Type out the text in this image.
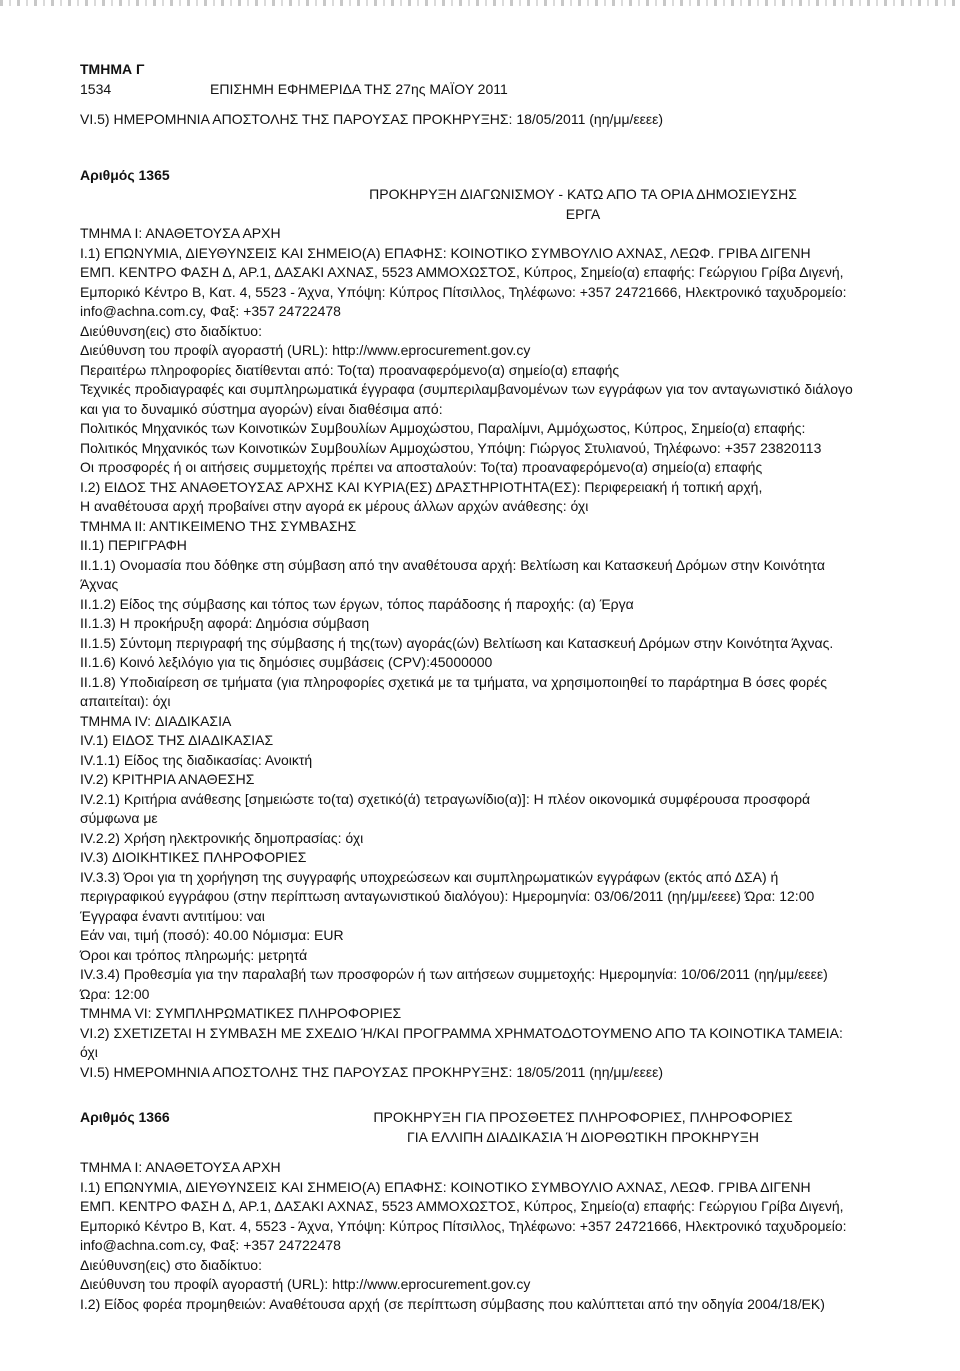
ΤΜΗΜΑ Γ
1534	ΕΠΙΣΗΜΗ ΕΦΗΜΕΡΙΔΑ ΤΗΣ 27ης ΜΑΪΟΥ 2011
VI.5) ΗΜΕΡΟΜΗΝΙΑ ΑΠΟΣΤΟΛΗΣ ΤΗΣ ΠΑΡΟΥΣΑΣ ΠΡΟΚΗΡΥΞΗΣ: 18/05/2011 (ηη/μμ/εεεε)
Αριθμός 1365
ΠΡΟΚΗΡΥΞΗ ΔΙΑΓΩΝΙΣΜΟΥ - ΚΑΤΩ ΑΠΟ ΤΑ ΟΡΙΑ ΔΗΜΟΣΙΕΥΣΗΣ
ΕΡΓΑ
ΤΜΗΜΑ Ι: ΑΝΑΘΕΤΟΥΣΑ ΑΡΧΗ
I.1) ΕΠΩΝΥΜΙΑ, ΔΙΕΥΘΥΝΣΕΙΣ ΚΑΙ ΣΗΜΕΙΟ(Α) ΕΠΑΦΗΣ: ΚΟΙΝΟΤΙΚΟ ΣΥΜΒΟΥΛΙΟ ΑΧΝΑΣ, ΛΕΩΦ. ΓΡΙΒΑ ΔΙΓΕΝΗ
ΕΜΠ. ΚΕΝΤΡΟ ΦΑΣΗ Δ, ΑΡ.1, ΔΑΣΑΚΙ ΑΧΝΑΣ, 5523 ΑΜΜΟΧΩΣΤΟΣ, Κύπρος, Σημείο(α) επαφής: Γεώργιου Γρίβα Διγενή,
Εμπορικό Κέντρο Β, Κατ. 4, 5523 - Άχνα, Υπόψη: Κύπρος Πίτσιλλος, Τηλέφωνο: +357 24721666, Ηλεκτρονικό ταχυδρομείο:
info@achna.com.cy, Φαξ: +357 24722478
Διεύθυνση(εις) στο διαδίκτυο:
Διεύθυνση του προφίλ αγοραστή (URL): http://www.eprocurement.gov.cy
Περαιτέρω πληροφορίες διατίθενται από: Το(τα) προαναφερόμενο(α) σημείο(α) επαφής
Τεχνικές προδιαγραφές και συμπληρωματικά έγγραφα (συμπεριλαμβανομένων των εγγράφων για τον ανταγωνιστικό διάλογο
και για το δυναμικό σύστημα αγορών) είναι διαθέσιμα από:
Πολιτικός Μηχανικός των Κοινοτικών Συμβουλίων Αμμοχώστου, Παραλίμνι, Αμμόχωστος, Κύπρος, Σημείο(α) επαφής:
Πολιτικός Μηχανικός των Κοινοτικών Συμβουλίων Αμμοχώστου, Υπόψη: Γιώργος Στυλιανού, Τηλέφωνο: +357 23820113
Οι προσφορές ή οι αιτήσεις συμμετοχής πρέπει να αποσταλούν: Το(τα) προαναφερόμενο(α) σημείο(α) επαφής
I.2) ΕΙΔΟΣ ΤΗΣ ΑΝΑΘΕΤΟΥΣΑΣ ΑΡΧΗΣ ΚΑΙ ΚΥΡΙΑ(ΕΣ) ΔΡΑΣΤΗΡΙΟΤΗΤΑ(ΕΣ): Περιφερειακή ή τοπική αρχή,
Η αναθέτουσα αρχή προβαίνει στην αγορά εκ μέρους άλλων αρχών ανάθεσης: όχι
ΤΜΗΜΑ ΙΙ: ΑΝΤΙΚΕΙΜΕΝΟ ΤΗΣ ΣΥΜΒΑΣΗΣ
II.1) ΠΕΡΙΓΡΑΦΗ
II.1.1) Ονομασία που δόθηκε στη σύμβαση από την αναθέτουσα αρχή: Βελτίωση και Κατασκευή Δρόμων στην Κοινότητα
Άχνας
II.1.2) Είδος της σύμβασης και τόπος των έργων, τόπος παράδοσης ή παροχής: (α) Έργα
II.1.3) Η προκήρυξη αφορά: Δημόσια σύμβαση
II.1.5) Σύντομη περιγραφή της σύμβασης ή της(των) αγοράς(ών) Βελτίωση και Κατασκευή Δρόμων στην Κοινότητα Άχνας.
II.1.6) Κοινό λεξιλόγιο για τις δημόσιες συμβάσεις (CPV):45000000
II.1.8) Υποδιαίρεση σε τμήματα (για πληροφορίες σχετικά με τα τμήματα, να χρησιμοποιηθεί το παράρτημα Β όσες φορές
απαιτείται): όχι
ΤΜΗΜΑ IV: ΔΙΑΔΙΚΑΣΙΑ
IV.1) ΕΙΔΟΣ ΤΗΣ ΔΙΑΔΙΚΑΣΙΑΣ
IV.1.1) Είδος της διαδικασίας: Ανοικτή
IV.2) ΚΡΙΤΗΡΙΑ ΑΝΑΘΕΣΗΣ
IV.2.1) Κριτήρια ανάθεσης [σημειώστε το(τα) σχετικό(ά) τετραγωνίδιο(α)]: Η πλέον οικονομικά συμφέρουσα προσφορά
σύμφωνα με
IV.2.2) Χρήση ηλεκτρονικής δημοπρασίας: όχι
IV.3) ΔΙΟΙΚΗΤΙΚΕΣ ΠΛΗΡΟΦΟΡΙΕΣ
IV.3.3) Όροι για τη χορήγηση της συγγραφής υποχρεώσεων και συμπληρωματικών εγγράφων (εκτός από ΔΣΑ) ή
περιγραφικού εγγράφου (στην περίπτωση ανταγωνιστικού διαλόγου): Ημερομηνία: 03/06/2011 (ηη/μμ/εεεε) Ώρα: 12:00
Έγγραφα έναντι αντιτίμου: ναι
Εάν ναι, τιμή (ποσό): 40.00 Νόμισμα: EUR
Όροι και τρόπος πληρωμής: μετρητά
IV.3.4) Προθεσμία για την παραλαβή των προσφορών ή των αιτήσεων συμμετοχής: Ημερομηνία: 10/06/2011 (ηη/μμ/εεεε)
Ώρα: 12:00
ΤΜΗΜΑ VI: ΣΥΜΠΛΗΡΩΜΑΤΙΚΕΣ ΠΛΗΡΟΦΟΡΙΕΣ
VI.2) ΣΧΕΤΙΖΕΤΑΙ Η ΣΥΜΒΑΣΗ ΜΕ ΣΧΕΔΙΟ Ή/ΚΑΙ ΠΡΟΓΡΑΜΜΑ ΧΡΗΜΑΤΟΔΟΤΟΥΜΕΝΟ ΑΠΟ ΤΑ ΚΟΙΝΟΤΙΚΑ ΤΑΜΕΙΑ:
όχι
VI.5) ΗΜΕΡΟΜΗΝΙΑ ΑΠΟΣΤΟΛΗΣ ΤΗΣ ΠΑΡΟΥΣΑΣ ΠΡΟΚΗΡΥΞΗΣ: 18/05/2011 (ηη/μμ/εεεε)
Αριθμός 1366	ΠΡΟΚΗΡΥΞΗ ΓΙΑ ΠΡΟΣΘΕΤΕΣ ΠΛΗΡΟΦΟΡΙΕΣ, ΠΛΗΡΟΦΟΡΙΕΣ
ΓΙΑ ΕΛΛΙΠΗ ΔΙΑΔΙΚΑΣΙΑ Ή ΔΙΟΡΘΩΤΙΚΗ ΠΡΟΚΗΡΥΞΗ
ΤΜΗΜΑ Ι: ΑΝΑΘΕΤΟΥΣΑ ΑΡΧΗ
I.1) ΕΠΩΝΥΜΙΑ, ΔΙΕΥΘΥΝΣΕΙΣ ΚΑΙ ΣΗΜΕΙΟ(Α) ΕΠΑΦΗΣ: ΚΟΙΝΟΤΙΚΟ ΣΥΜΒΟΥΛΙΟ ΑΧΝΑΣ, ΛΕΩΦ. ΓΡΙΒΑ ΔΙΓΕΝΗ
ΕΜΠ. ΚΕΝΤΡΟ ΦΑΣΗ Δ, ΑΡ.1, ΔΑΣΑΚΙ ΑΧΝΑΣ, 5523 ΑΜΜΟΧΩΣΤΟΣ, Κύπρος, Σημείο(α) επαφής: Γεώργιου Γρίβα Διγενή,
Εμπορικό Κέντρο Β, Κατ. 4, 5523 - Άχνα, Υπόψη: Κύπρος Πίτσιλλος, Τηλέφωνο: +357 24721666, Ηλεκτρονικό ταχυδρομείο:
info@achna.com.cy, Φαξ: +357 24722478
Διεύθυνση(εις) στο διαδίκτυο:
Διεύθυνση του προφίλ αγοραστή (URL): http://www.eprocurement.gov.cy
I.2) Είδος φορέα προμηθειών: Αναθέτουσα αρχή (σε περίπτωση σύμβασης που καλύπτεται από την οδηγία 2004/18/ΕΚ)
